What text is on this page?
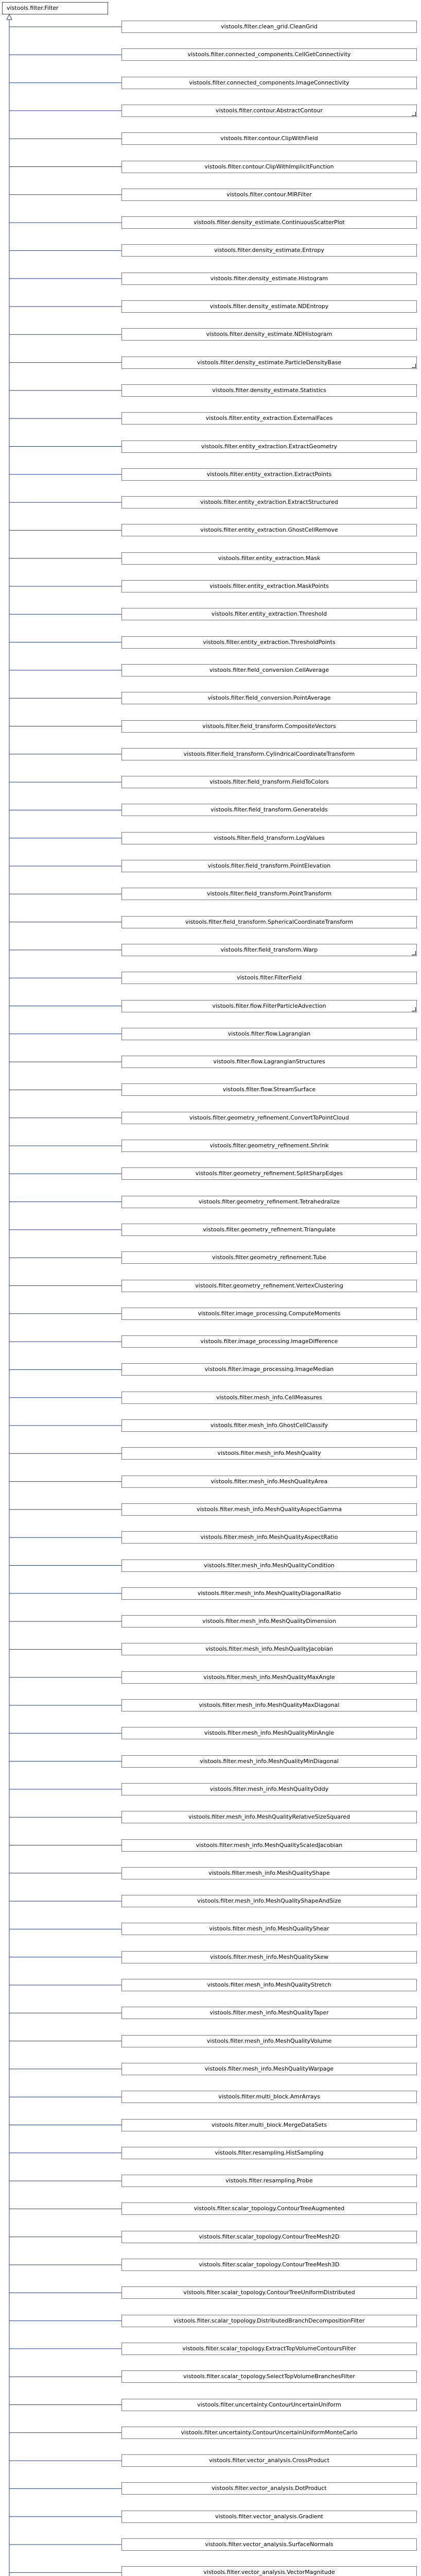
vistools.filter.Filter
vistools.filter.clean_grid.CleanGrid
vistools.filter.connected_components.CellGetConnectivity
vistools.filter.connected_components.ImageConnectivity
vistools.filter.contour.AbstractContour
vistools.filter.contour.ClipWithField
vistools.filter.contour.ClipWithImplicitFunction
vistools.filter.contour.MIRFilter
vistools.filter.density_estimate.ContinuousScatterPlot
vistools.filter.density_estimate.Entropy
vistools.filter.density_estimate.Histogram
vistools.filter.density_estimate.NDEntropy
vistools.filter.density_estimate.NDHistogram
vistools.filter.density_estimate.ParticleDensityBase
vistools.filter.density_estimate.Statistics
vistools.filter.entity_extraction.ExternalFaces
vistools.filter.entity_extraction.ExtractGeometry
vistools.filter.entity_extraction.ExtractPoints
vistools.filter.entity_extraction.ExtractStructured
vistools.filter.entity_extraction.GhostCellRemove
vistools.filter.entity_extraction.Mask
vistools.filter.entity_extraction.MaskPoints
vistools.filter.entity_extraction.Threshold
vistools.filter.entity_extraction.ThresholdPoints
vistools.filter.field_conversion.CellAverage
vistools.filter.field_conversion.PointAverage
vistools.filter.field_transform.CompositeVectors
vistools.filter.field_transform.CylindricalCoordinateTransform
vistools.filter.field_transform.FieldToColors
vistools.filter.field_transform.GenerateIds
vistools.filter.field_transform.LogValues
vistools.filter.field_transform.PointElevation
vistools.filter.field_transform.PointTransform
vistools.filter.field_transform.SphericalCoordinateTransform
vistools.filter.field_transform.Warp
vistools.filter.FilterField
vistools.filter.flow.FilterParticleAdvection
vistools.filter.flow.Lagrangian
vistools.filter.flow.LagrangianStructures
vistools.filter.flow.StreamSurface
vistools.filter.geometry_refinement.ConvertToPointCloud
vistools.filter.geometry_refinement.Shrink
vistools.filter.geometry_refinement.SplitSharpEdges
vistools.filter.geometry_refinement.Tetrahedralize
vistools.filter.geometry_refinement.Triangulate
vistools.filter.geometry_refinement.Tube
vistools.filter.geometry_refinement.VertexClustering
vistools.filter.image_processing.ComputeMoments
vistools.filter.image_processing.ImageDifference
vistools.filter.image_processing.ImageMedian
vistools.filter.mesh_info.CellMeasures
vistools.filter.mesh_info.GhostCellClassify
vistools.filter.mesh_info.MeshQuality
vistools.filter.mesh_info.MeshQualityArea
vistools.filter.mesh_info.MeshQualityAspectGamma
vistools.filter.mesh_info.MeshQualityAspectRatio
vistools.filter.mesh_info.MeshQualityCondition
vistools.filter.mesh_info.MeshQualityDiagonalRatio
vistools.filter.mesh_info.MeshQualityDimension
vistools.filter.mesh_info.MeshQualityJacobian
vistools.filter.mesh_info.MeshQualityMaxAngle
vistools.filter.mesh_info.MeshQualityMaxDiagonal
vistools.filter.mesh_info.MeshQualityMinAngle
vistools.filter.mesh_info.MeshQualityMinDiagonal
vistools.filter.mesh_info.MeshQualityOddy
vistools.filter.mesh_info.MeshQualityRelativeSizeSquared
vistools.filter.mesh_info.MeshQualityScaledJacobian
vistools.filter.mesh_info.MeshQualityShape
vistools.filter.mesh_info.MeshQualityShapeAndSize
vistools.filter.mesh_info.MeshQualityShear
vistools.filter.mesh_info.MeshQualitySkew
vistools.filter.mesh_info.MeshQualityStretch
vistools.filter.mesh_info.MeshQualityTaper
vistools.filter.mesh_info.MeshQualityVolume
vistools.filter.mesh_info.MeshQualityWarpage
vistools.filter.multi_block.AmrArrays
vistools.filter.multi_block.MergeDataSets
vistools.filter.resampling.HistSampling
vistools.filter.resampling.Probe
vistools.filter.scalar_topology.ContourTreeAugmented
vistools.filter.scalar_topology.ContourTreeMesh2D
vistools.filter.scalar_topology.ContourTreeMesh3D
vistools.filter.scalar_topology.ContourTreeUniformDistributed
vistools.filter.scalar_topology.DistributedBranchDecompositionFilter
vistools.filter.scalar_topology.ExtractTopVolumeContoursFilter
vistools.filter.scalar_topology.SelectTopVolumeBranchesFilter
vistools.filter.uncertainty.ContourUncertainUniform
vistools.filter.uncertainty.ContourUncertainUniformMonteCarlo
vistools.filter.vector_analysis.CrossProduct
vistools.filter.vector_analysis.DotProduct
vistools.filter.vector_analysis.Gradient
vistools.filter.vector_analysis.SurfaceNormals
vistools.filter.vector_analysis.VectorMagnitude
